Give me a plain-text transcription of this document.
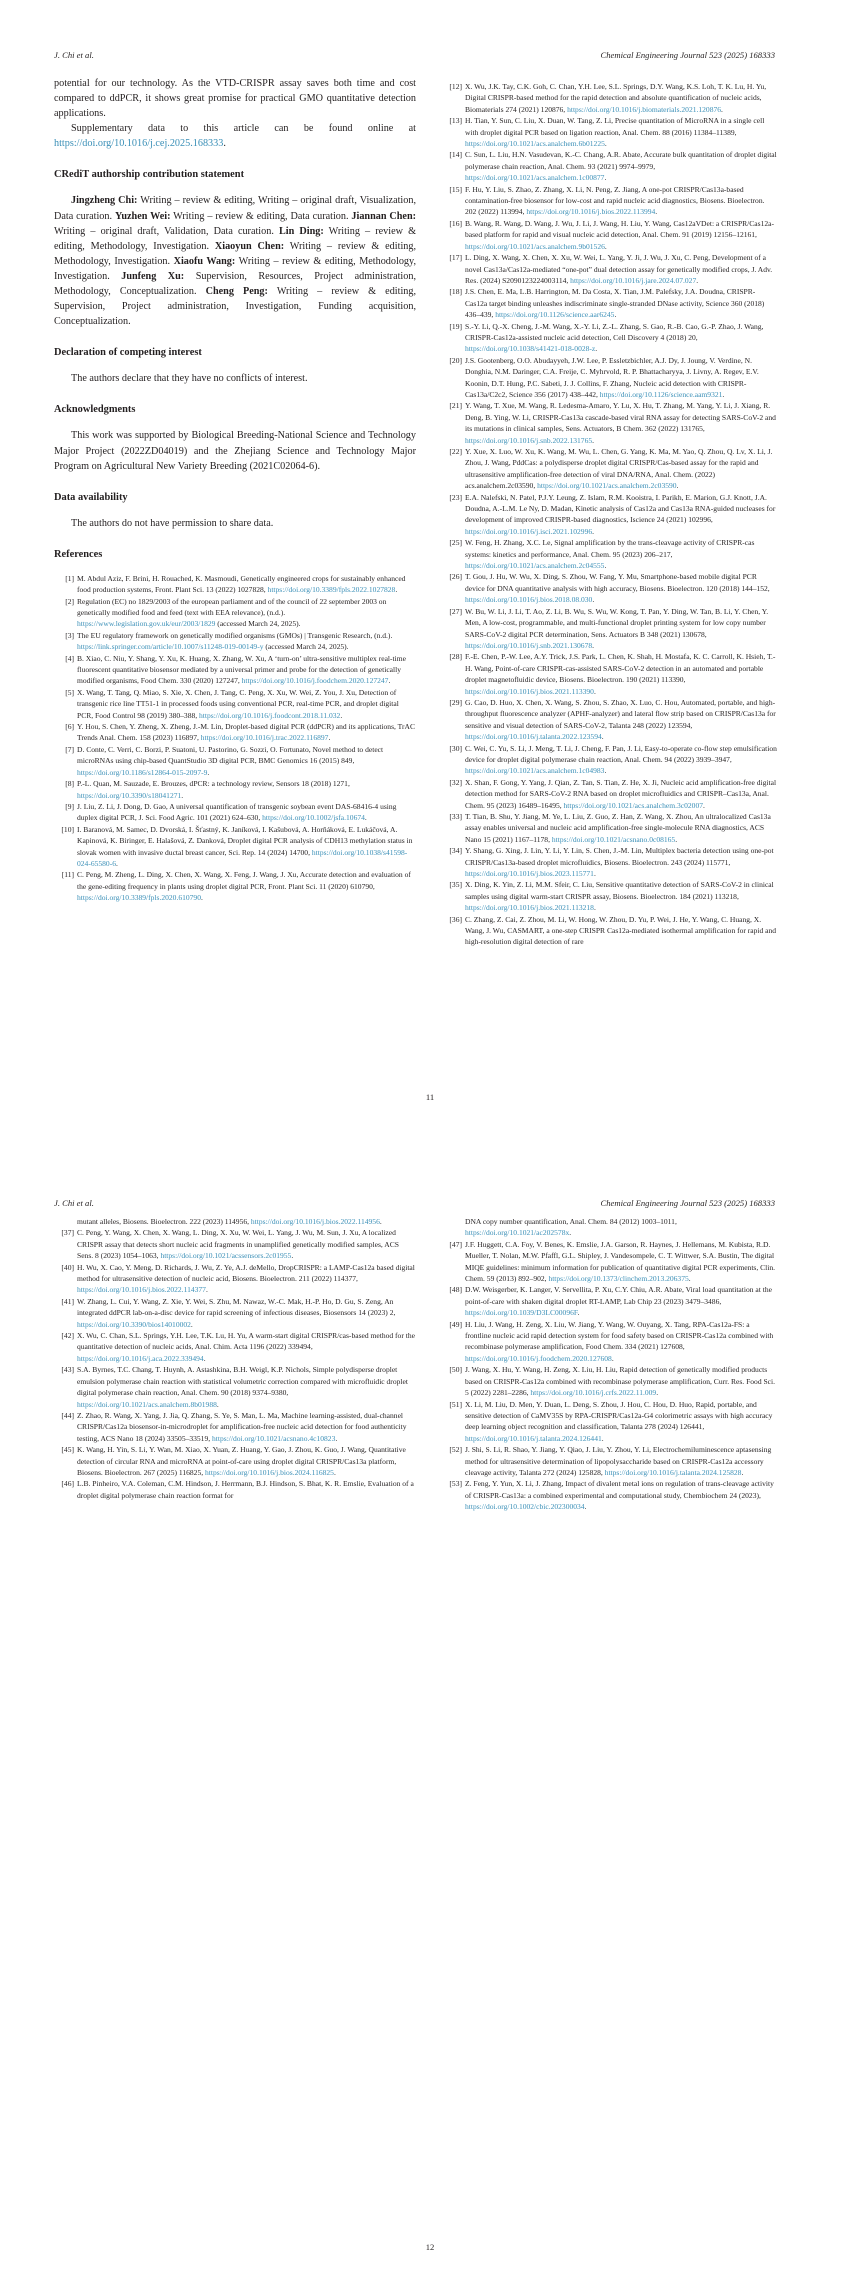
J. Chi et al.	Chemical Engineering Journal 523 (2025) 168333

potential for our technology. As the VTD-CRISPR assay saves both time and cost compared to ddPCR, it shows great promise for practical GMO quantitative detection applications.

Supplementary data to this article can be found online at https://doi.org/10.1016/j.cej.2025.168333.

CRediT authorship contribution statement

Jingzheng Chi: Writing – review & editing, Writing – original draft, Visualization, Data curation. Yuzhen Wei: Writing – review & editing, Data curation. Jiannan Chen: Writing – original draft, Validation, Data curation. Lin Ding: Writing – review & editing, Methodology, Investigation. Xiaoyun Chen: Writing – review & editing, Methodology, Investigation. Xiaofu Wang: Writing – review & editing, Methodology, Investigation. Junfeng Xu: Supervision, Resources, Project administration, Methodology, Conceptualization. Cheng Peng: Writing – review & editing, Supervision, Project administration, Investigation, Funding acquisition, Conceptualization.

Declaration of competing interest

The authors declare that they have no conflicts of interest.

Acknowledgments

This work was supported by Biological Breeding-National Science and Technology Major Project (2022ZD04019) and the Zhejiang Science and Technology Major Program on Agricultural New Variety Breeding (2021C02064-6).

Data availability

The authors do not have permission to share data.

References
[1] M. Abdul Aziz, F. Brini, H. Rouached, K. Masmoudi, Genetically engineered crops for sustainably enhanced food production systems, Front. Plant Sci. 13 (2022) 1027828, https://doi.org/10.3389/fpls.2022.1027828.
[2] Regulation (EC) no 1829/2003 of the european parliament and of the council of 22 september 2003 on genetically modified food and feed (text with EEA relevance), (n.d.). https://www.legislation.gov.uk/eur/2003/1829 (accessed March 24, 2025).
[3] The EU regulatory framework on genetically modified organisms (GMOs) | Transgenic Research, (n.d.). https://link.springer.com/article/10.1007/s11248-019-00149-y (accessed March 24, 2025).
[4] B. Xiao, C. Niu, Y. Shang, Y. Xu, K. Huang, X. Zhang, W. Xu, A ‘turn-on’ ultra-sensitive multiplex real-time fluorescent quantitative biosensor mediated by a universal primer and probe for the detection of genetically modified organisms, Food Chem. 330 (2020) 127247, https://doi.org/10.1016/j.foodchem.2020.127247.
[5] X. Wang, T. Tang, Q. Miao, S. Xie, X. Chen, J. Tang, C. Peng, X. Xu, W. Wei, Z. You, J. Xu, Detection of transgenic rice line TT51-1 in processed foods using conventional PCR, real-time PCR, and droplet digital PCR, Food Control 98 (2019) 380–388, https://doi.org/10.1016/j.foodcont.2018.11.032.
[6] Y. Hou, S. Chen, Y. Zheng, X. Zheng, J.-M. Lin, Droplet-based digital PCR (ddPCR) and its applications, TrAC Trends Anal. Chem. 158 (2023) 116897, https://doi.org/10.1016/j.trac.2022.116897.
[7] D. Conte, C. Verri, C. Borzi, P. Suatoni, U. Pastorino, G. Sozzi, O. Fortunato, Novel method to detect microRNAs using chip-based QuantStudio 3D digital PCR, BMC Genomics 16 (2015) 849, https://doi.org/10.1186/s12864-015-2097-9.
[8] P.-L. Quan, M. Sauzade, E. Brouzes, dPCR: a technology review, Sensors 18 (2018) 1271, https://doi.org/10.3390/s18041271.
[9] J. Liu, Z. Li, J. Dong, D. Gao, A universal quantification of transgenic soybean event DAS-68416-4 using duplex digital PCR, J. Sci. Food Agric. 101 (2021) 624–630, https://doi.org/10.1002/jsfa.10674.
[10] I. Baranová, M. Samec, D. Dvorská, I. Šťastný, K. Janíková, I. Kašubová, A. Horňáková, E. Lukáčová, A. Kapinová, K. Biringer, E. Halašová, Z. Danková, Droplet digital PCR analysis of CDH13 methylation status in slovak women with invasive ductal breast cancer, Sci. Rep. 14 (2024) 14700, https://doi.org/10.1038/s41598-024-65580-6.
[11] C. Peng, M. Zheng, L. Ding, X. Chen, X. Wang, X. Feng, J. Wang, J. Xu, Accurate detection and evaluation of the gene-editing frequency in plants using droplet digital PCR, Front. Plant Sci. 11 (2020) 610790, https://doi.org/10.3389/fpls.2020.610790.
[12] X. Wu, J.K. Tay, C.K. Goh, C. Chan, Y.H. Lee, S.L. Springs, D.Y. Wang, K.S. Loh, T. K. Lu, H. Yu, Digital CRISPR-based method for the rapid detection and absolute quantification of nucleic acids, Biomaterials 274 (2021) 120876, https://doi.org/10.1016/j.biomaterials.2021.120876.
[13] H. Tian, Y. Sun, C. Liu, X. Duan, W. Tang, Z. Li, Precise quantitation of MicroRNA in a single cell with droplet digital PCR based on ligation reaction, Anal. Chem. 88 (2016) 11384–11389, https://doi.org/10.1021/acs.analchem.6b01225.
[14] C. Sun, L. Liu, H.N. Vasudevan, K.-C. Chang, A.R. Abate, Accurate bulk quantitation of droplet digital polymerase chain reaction, Anal. Chem. 93 (2021) 9974–9979, https://doi.org/10.1021/acs.analchem.1c00877.
[15] F. Hu, Y. Liu, S. Zhao, Z. Zhang, X. Li, N. Peng, Z. Jiang, A one-pot CRISPR/Cas13a-based contamination-free biosensor for low-cost and rapid nucleic acid diagnostics, Biosens. Bioelectron. 202 (2022) 113994, https://doi.org/10.1016/j.bios.2022.113994.
[16] B. Wang, R. Wang, D. Wang, J. Wu, J. Li, J. Wang, H. Liu, Y. Wang, Cas12aVDet: a CRISPR/Cas12a-based platform for rapid and visual nucleic acid detection, Anal. Chem. 91 (2019) 12156–12161, https://doi.org/10.1021/acs.analchem.9b01526.
[17] L. Ding, X. Wang, X. Chen, X. Xu, W. Wei, L. Yang, Y. Ji, J. Wu, J. Xu, C. Peng, Development of a novel Cas13a/Cas12a-mediated “one-pot” dual detection assay for genetically modified crops, J. Adv. Res. (2024) S2090123224003114, https://doi.org/10.1016/j.jare.2024.07.027.
[18] J.S. Chen, E. Ma, L.B. Harrington, M. Da Costa, X. Tian, J.M. Palefsky, J.A. Doudna, CRISPR-Cas12a target binding unleashes indiscriminate single-stranded DNase activity, Science 360 (2018) 436–439, https://doi.org/10.1126/science.aar6245.
[19] S.-Y. Li, Q.-X. Cheng, J.-M. Wang, X.-Y. Li, Z.-L. Zhang, S. Gao, R.-B. Cao, G.-P. Zhao, J. Wang, CRISPR-Cas12a-assisted nucleic acid detection, Cell Discovery 4 (2018) 20, https://doi.org/10.1038/s41421-018-0028-z.
[20] J.S. Gootenberg, O.O. Abudayyeh, J.W. Lee, P. Essletzbichler, A.J. Dy, J. Joung, V. Verdine, N. Donghia, N.M. Daringer, C.A. Freije, C. Myhrvold, R. P. Bhattacharyya, J. Livny, A. Regev, E.V. Koonin, D.T. Hung, P.C. Sabeti, J. J. Collins, F. Zhang, Nucleic acid detection with CRISPR-Cas13a/C2c2, Science 356 (2017) 438–442, https://doi.org/10.1126/science.aam9321.
[21] Y. Wang, T. Xue, M. Wang, R. Ledesma-Amaro, Y. Lu, X. Hu, T. Zhang, M. Yang, Y. Li, J. Xiang, R. Deng, B. Ying, W. Li, CRISPR-Cas13a cascade-based viral RNA assay for detecting SARS-CoV-2 and its mutations in clinical samples, Sens. Actuators, B Chem. 362 (2022) 131765, https://doi.org/10.1016/j.snb.2022.131765.
[22] Y. Xue, X. Luo, W. Xu, K. Wang, M. Wu, L. Chen, G. Yang, K. Ma, M. Yao, Q. Zhou, Q. Lv, X. Li, J. Zhou, J. Wang, PddCas: a polydisperse droplet digital CRISPR/Cas-based assay for the rapid and ultrasensitive amplification-free detection of viral DNA/RNA, Anal. Chem. (2022) acs.analchem.2c03590, https://doi.org/10.1021/acs.analchem.2c03590.
[23] E.A. Nalefski, N. Patel, P.J.Y. Leung, Z. Islam, R.M. Kooistra, I. Parikh, E. Marion, G.J. Knott, J.A. Doudna, A.-L.M. Le Ny, D. Madan, Kinetic analysis of Cas12a and Cas13a RNA-guided nucleases for development of improved CRISPR-based diagnostics, Iscience 24 (2021) 102996, https://doi.org/10.1016/j.isci.2021.102996.
[25] W. Feng, H. Zhang, X.C. Le, Signal amplification by the trans-cleavage activity of CRISPR-cas systems: kinetics and performance, Anal. Chem. 95 (2023) 206–217, https://doi.org/10.1021/acs.analchem.2c04555.
[26] T. Gou, J. Hu, W. Wu, X. Ding, S. Zhou, W. Fang, Y. Mu, Smartphone-based mobile digital PCR device for DNA quantitative analysis with high accuracy, Biosens. Bioelectron. 120 (2018) 144–152, https://doi.org/10.1016/j.bios.2018.08.030.
[27] W. Bu, W. Li, J. Li, T. Ao, Z. Li, B. Wu, S. Wu, W. Kong, T. Pan, Y. Ding, W. Tan, B. Li, Y. Chen, Y. Men, A low-cost, programmable, and multi-functional droplet printing system for low copy number SARS-CoV-2 digital PCR determination, Sens. Actuators B 348 (2021) 130678, https://doi.org/10.1016/j.snb.2021.130678.
[28] F.-E. Chen, P.-W. Lee, A.Y. Trick, J.S. Park, L. Chen, K. Shah, H. Mostafa, K. C. Carroll, K. Hsieh, T.-H. Wang, Point-of-care CRISPR-cas-assisted SARS-CoV-2 detection in an automated and portable droplet magnetofluidic device, Biosens. Bioelectron. 190 (2021) 113390, https://doi.org/10.1016/j.bios.2021.113390.
[29] G. Cao, D. Huo, X. Chen, X. Wang, S. Zhou, S. Zhao, X. Luo, C. Hou, Automated, portable, and high-throughput fluorescence analyzer (APHF-analyzer) and lateral flow strip based on CRISPR/Cas13a for sensitive and visual detection of SARS-CoV-2, Talanta 248 (2022) 123594, https://doi.org/10.1016/j.talanta.2022.123594.
[30] C. Wei, C. Yu, S. Li, J. Meng, T. Li, J. Cheng, F. Pan, J. Li, Easy-to-operate co-flow step emulsification device for droplet digital polymerase chain reaction, Anal. Chem. 94 (2022) 3939–3947, https://doi.org/10.1021/acs.analchem.1c04983.
[32] X. Shan, F. Gong, Y. Yang, J. Qian, Z. Tan, S. Tian, Z. He, X. Ji, Nucleic acid amplification-free digital detection method for SARS-CoV-2 RNA based on droplet microfluidics and CRISPR–Cas13a, Anal. Chem. 95 (2023) 16489–16495, https://doi.org/10.1021/acs.analchem.3c02007.
[33] T. Tian, B. Shu, Y. Jiang, M. Ye, L. Liu, Z. Guo, Z. Han, Z. Wang, X. Zhou, An ultralocalized Cas13a assay enables universal and nucleic acid amplification-free single-molecule RNA diagnostics, ACS Nano 15 (2021) 1167–1178, https://doi.org/10.1021/acsnano.0c08165.
[34] Y. Shang, G. Xing, J. Lin, Y. Li, Y. Lin, S. Chen, J.-M. Lin, Multiplex bacteria detection using one-pot CRISPR/Cas13a-based droplet microfluidics, Biosens. Bioelectron. 243 (2024) 115771, https://doi.org/10.1016/j.bios.2023.115771.
[35] X. Ding, K. Yin, Z. Li, M.M. Sfeir, C. Liu, Sensitive quantitative detection of SARS-CoV-2 in clinical samples using digital warm-start CRISPR assay, Biosens. Bioelectron. 184 (2021) 113218, https://doi.org/10.1016/j.bios.2021.113218.
[36] C. Zhang, Z. Cai, Z. Zhou, M. Li, W. Hong, W. Zhou, D. Yu, P. Wei, J. He, Y. Wang, C. Huang, X. Wang, J. Wu, CASMART, a one-step CRISPR Cas12a-mediated isothermal amplification for rapid and high-resolution digital detection of rare
11
J. Chi et al.	Chemical Engineering Journal 523 (2025) 168333

mutant alleles, Biosens. Bioelectron. 222 (2023) 114956, https://doi.org/10.1016/j.bios.2022.114956.

[37] C. Peng, Y. Wang, X. Chen, X. Wang, L. Ding, X. Xu, W. Wei, L. Yang, J. Wu, M. Sun, J. Xu, A localized CRISPR assay that detects short nucleic acid fragments in unamplified genetically modified samples, ACS Sens. 8 (2023) 1054–1063, https://doi.org/10.1021/acssensors.2c01955.
[40] H. Wu, X. Cao, Y. Meng, D. Richards, J. Wu, Z. Ye, A.J. deMello, DropCRISPR: a LAMP-Cas12a based digital method for ultrasensitive detection of nucleic acid, Biosens. Bioelectron. 211 (2022) 114377, https://doi.org/10.1016/j.bios.2022.114377.
[41] W. Zhang, L. Cui, Y. Wang, Z. Xie, Y. Wei, S. Zhu, M. Nawaz, W.-C. Mak, H.-P. Ho, D. Gu, S. Zeng, An integrated ddPCR lab-on-a-disc device for rapid screening of infectious diseases, Biosensors 14 (2023) 2, https://doi.org/10.3390/bios14010002.
[42] X. Wu, C. Chan, S.L. Springs, Y.H. Lee, T.K. Lu, H. Yu, A warm-start digital CRISPR/cas-based method for the quantitative detection of nucleic acids, Anal. Chim. Acta 1196 (2022) 339494, https://doi.org/10.1016/j.aca.2022.339494.
[43] S.A. Byrnes, T.C. Chang, T. Huynh, A. Astashkina, B.H. Weigl, K.P. Nichols, Simple polydisperse droplet emulsion polymerase chain reaction with statistical volumetric correction compared with microfluidic droplet digital polymerase chain reaction, Anal. Chem. 90 (2018) 9374–9380, https://doi.org/10.1021/acs.analchem.8b01988.
[44] Z. Zhao, R. Wang, X. Yang, J. Jia, Q. Zhang, S. Ye, S. Man, L. Ma, Machine learning-assisted, dual-channel CRISPR/Cas12a biosensor-in-microdroplet for amplification-free nucleic acid detection for food authenticity testing, ACS Nano 18 (2024) 33505–33519, https://doi.org/10.1021/acsnano.4c10823.
[45] K. Wang, H. Yin, S. Li, Y. Wan, M. Xiao, X. Yuan, Z. Huang, Y. Gao, J. Zhou, K. Guo, J. Wang, Quantitative detection of circular RNA and microRNA at point-of-care using droplet digital CRISPR/Cas13a platform, Biosens. Bioelectron. 267 (2025) 116825, https://doi.org/10.1016/j.bios.2024.116825.
[46] L.B. Pinheiro, V.A. Coleman, C.M. Hindson, J. Herrmann, B.J. Hindson, S. Bhat, K. R. Emslie, Evaluation of a droplet digital polymerase chain reaction format for

DNA copy number quantification, Anal. Chem. 84 (2012) 1003–1011, https://doi.org/10.1021/ac202578x.

[47] J.F. Huggett, C.A. Foy, V. Benes, K. Emslie, J.A. Garson, R. Haynes, J. Hellemans, M. Kubista, R.D. Mueller, T. Nolan, M.W. Pfaffl, G.L. Shipley, J. Vandesompele, C. T. Wittwer, S.A. Bustin, The digital MIQE guidelines: minimum information for publication of quantitative digital PCR experiments, Clin. Chem. 59 (2013) 892–902, https://doi.org/10.1373/clinchem.2013.206375.
[48] D.W. Weisgerber, K. Langer, V. Servellita, P. Xu, C.Y. Chiu, A.R. Abate, Viral load quantitation at the point-of-care with shaken digital droplet RT-LAMP, Lab Chip 23 (2023) 3479–3486, https://doi.org/10.1039/D3LC00096F.
[49] H. Liu, J. Wang, H. Zeng, X. Liu, W. Jiang, Y. Wang, W. Ouyang, X. Tang, RPA-Cas12a-FS: a frontline nucleic acid rapid detection system for food safety based on CRISPR-Cas12a combined with recombinase polymerase amplification, Food Chem. 334 (2021) 127608, https://doi.org/10.1016/j.foodchem.2020.127608.
[50] J. Wang, X. Hu, Y. Wang, H. Zeng, X. Liu, H. Liu, Rapid detection of genetically modified products based on CRISPR-Cas12a combined with recombinase polymerase amplification, Curr. Res. Food Sci. 5 (2022) 2281–2286, https://doi.org/10.1016/j.crfs.2022.11.009.
[51] X. Li, M. Liu, D. Men, Y. Duan, L. Deng, S. Zhou, J. Hou, C. Hou, D. Huo, Rapid, portable, and sensitive detection of CaMV35S by RPA-CRISPR/Cas12a-G4 colorimetric assays with high accuracy deep learning object recognition and classification, Talanta 278 (2024) 126441, https://doi.org/10.1016/j.talanta.2024.126441.
[52] J. Shi, S. Li, R. Shao, Y. Jiang, Y. Qiao, J. Liu, Y. Zhou, Y. Li, Electrochemiluminescence aptasensing method for ultrasensitive determination of lipopolysaccharide based on CRISPR-Cas12a accessory cleavage activity, Talanta 272 (2024) 125828, https://doi.org/10.1016/j.talanta.2024.125828.
[53] Z. Feng, Y. Yun, X. Li, J. Zhang, Impact of divalent metal ions on regulation of trans-cleavage activity of CRISPR-Cas13a: a combined experimental and computational study, Chembiochem 24 (2023), https://doi.org/10.1002/cbic.202300034.
12
